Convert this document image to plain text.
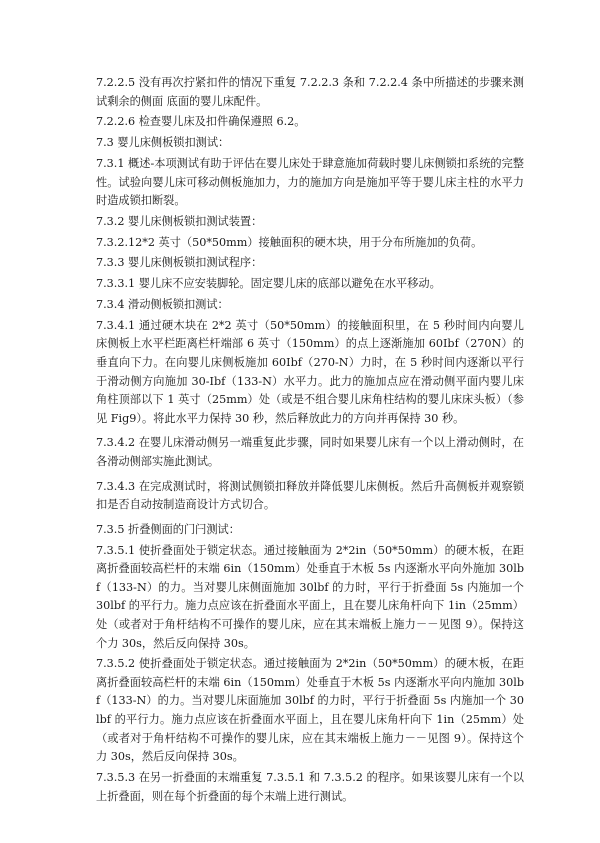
7.2.2.5 没有再次拧紧扣件的情况下重复 7.2.2.3 条和 7.2.2.4 条中所描述的步骤来测试剩余的侧面 底面的婴儿床配件。

7.2.2.6 检查婴儿床及扣件确保遵照 6.2。

7.3 婴儿床侧板锁扣测试：

7.3.1 概述-本项测试有助于评估在婴儿床处于肆意施加荷载时婴儿床侧锁扣系统的完整性。试验向婴儿床可移动侧板施加力，力的施加方向是施加平等于婴儿床主柱的水平力时造成锁扣断裂。

7.3.2 婴儿床侧板锁扣测试装置：

7.3.2.12*2 英寸（50*50mm）接触面积的硬木块，用于分布所施加的负荷。

7.3.3 婴儿床侧板锁扣测试程序：

7.3.3.1 婴儿床不应安装脚轮。固定婴儿床的底部以避免在水平移动。

7.3.4 滑动侧板锁扣测试：

7.3.4.1 通过硬木块在 2*2 英寸（50*50mm）的接触面积里，在 5 秒时间内向婴儿床侧板上水平栏距离栏杆端部 6 英寸（150mm）的点上逐渐施加 60Ibf（270N）的垂直向下力。在向婴儿床侧板施加 60Ibf（270-N）力时，在 5 秒时间内逐渐以平行于滑动侧方向施加 30-Ibf（133-N）水平力。此力的施加点应在滑动侧平面内婴儿床角柱顶部以下 1 英寸（25mm）处（或是不组合婴儿床角柱结构的婴儿床床头板）（参见 Fig9）。将此水平力保持 30 秒，然后释放此力的方向并再保持 30 秒。

7.3.4.2 在婴儿床滑动侧另一端重复此步骤，同时如果婴儿床有一个以上滑动侧时，在各滑动侧部实施此测试。

7.3.4.3 在完成测试时，将测试侧锁扣释放并降低婴儿床侧板。然后升高侧板并观察锁扣是否自动按制造商设计方式切合。

7.3.5 折叠侧面的门闩测试：

7.3.5.1 使折叠面处于锁定状态。通过接触面为 2*2in（50*50mm）的硬木板，在距离折叠面较高栏杆的末端 6in（150mm）处垂直于木板 5s 内逐渐水平向外施加 30lbf（133-N）的力。当对婴儿床侧面施加 30lbf 的力时，平行于折叠面 5s 内施加一个 30lbf 的平行力。施力点应该在折叠面水平面上，且在婴儿床角杆向下 1in（25mm）处（或者对于角杆结构不可操作的婴儿床，应在其末端板上施力－－见图 9）。保持这个力 30s，然后反向保持 30s。

7.3.5.2 使折叠面处于锁定状态。通过接触面为 2*2in（50*50mm）的硬木板，在距离折叠面较高栏杆的末端 6in（150mm）处垂直于木板 5s 内逐渐水平向内施加 30lbf（133-N）的力。当对婴儿床面施加 30lbf 的力时，平行于折叠面 5s 内施加一个 30lbf 的平行力。施力点应该在折叠面水平面上，且在婴儿床角杆向下 1in（25mm）处（或者对于角杆结构不可操作的婴儿床，应在其末端板上施力－－见图 9）。保持这个力 30s，然后反向保持 30s。

7.3.5.3 在另一折叠面的末端重复 7.3.5.1 和 7.3.5.2 的程序。如果该婴儿床有一个以上折叠面，则在每个折叠面的每个末端上进行测试。
